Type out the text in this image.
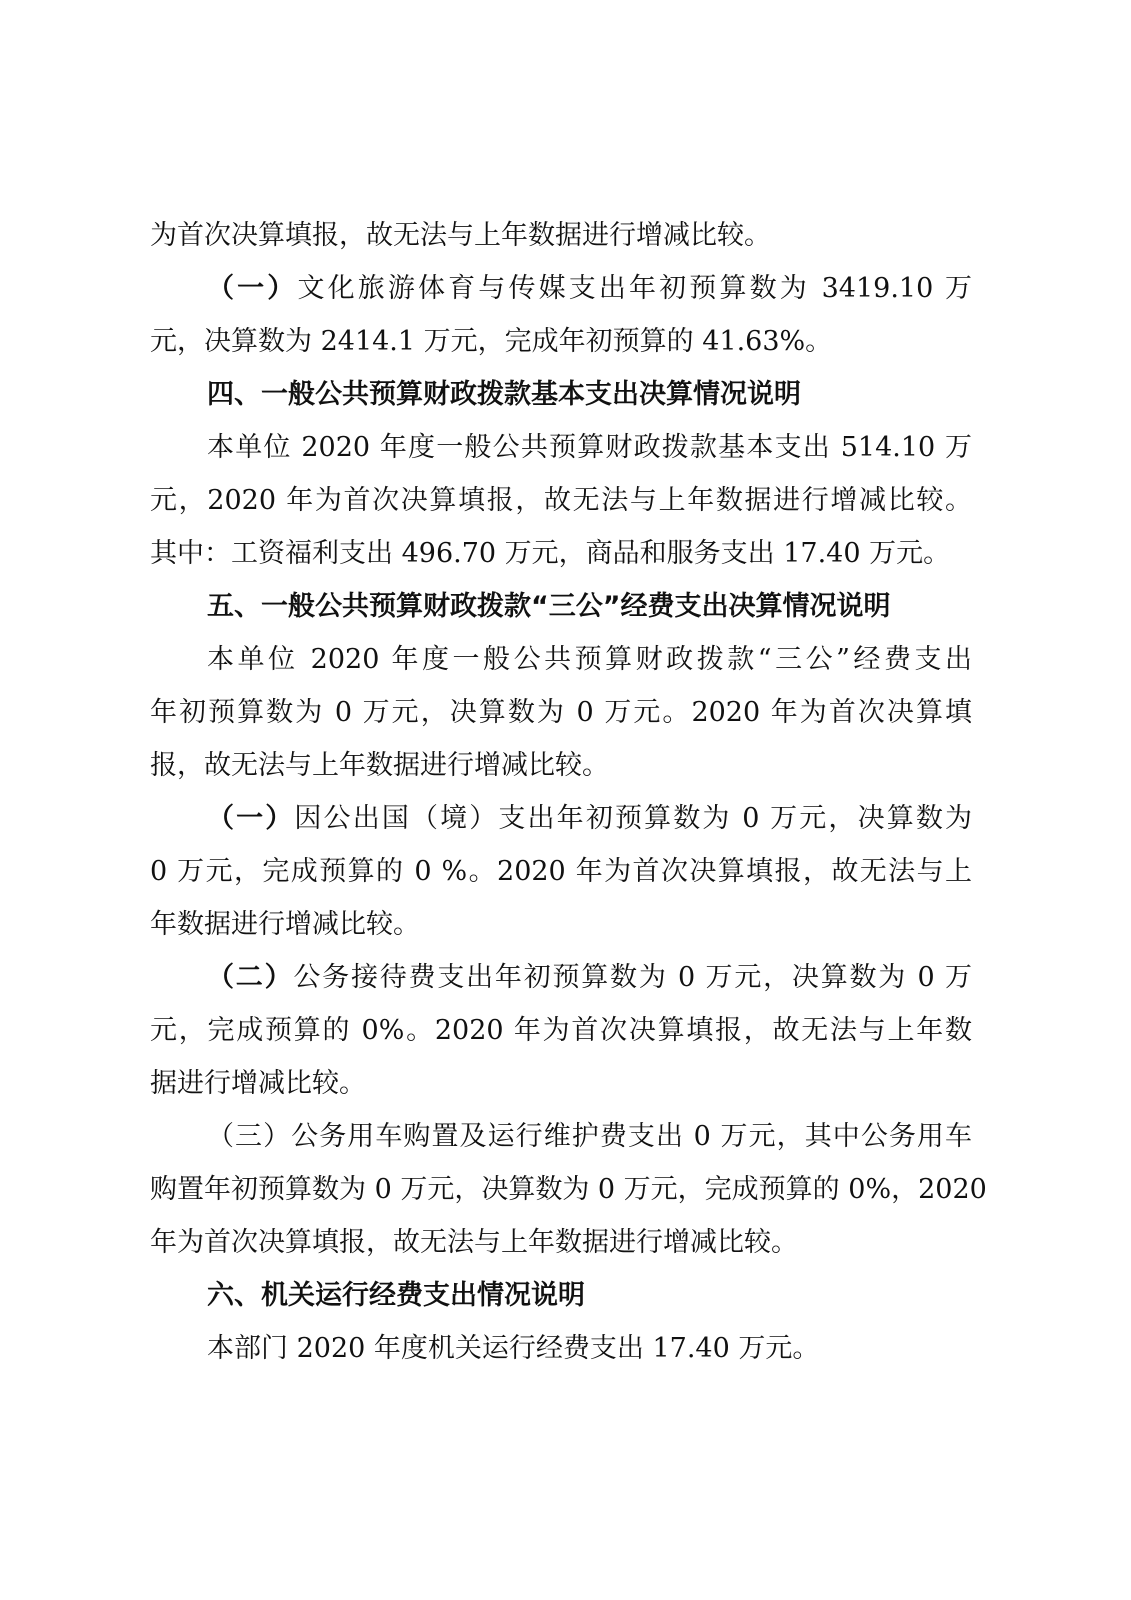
为首次决算填报，故无法与上年数据进行增减比较。
（一）文化旅游体育与传媒支出年初预算数为 3419.10 万
元，决算数为 2414.1 万元，完成年初预算的 41.63%。
四、一般公共预算财政拨款基本支出决算情况说明
本单位 2020 年度一般公共预算财政拨款基本支出 514.10 万
元，2020 年为首次决算填报，故无法与上年数据进行增减比较。
其中：工资福利支出 496.70 万元，商品和服务支出 17.40 万元。
五、一般公共预算财政拨款“三公”经费支出决算情况说明
本单位 2020 年度一般公共预算财政拨款“三公”经费支出
年初预算数为 0 万元，决算数为 0 万元。2020 年为首次决算填
报，故无法与上年数据进行增减比较。
（一）因公出国（境）支出年初预算数为 0 万元，决算数为
0 万元，完成预算的 0 %。2020 年为首次决算填报，故无法与上
年数据进行增减比较。
（二）公务接待费支出年初预算数为 0 万元，决算数为 0 万
元，完成预算的 0%。2020 年为首次决算填报，故无法与上年数
据进行增减比较。
（三）公务用车购置及运行维护费支出 0 万元，其中公务用车
购置年初预算数为 0 万元，决算数为 0 万元，完成预算的 0%，2020
年为首次决算填报，故无法与上年数据进行增减比较。
六、机关运行经费支出情况说明
本部门 2020 年度机关运行经费支出 17.40 万元。
